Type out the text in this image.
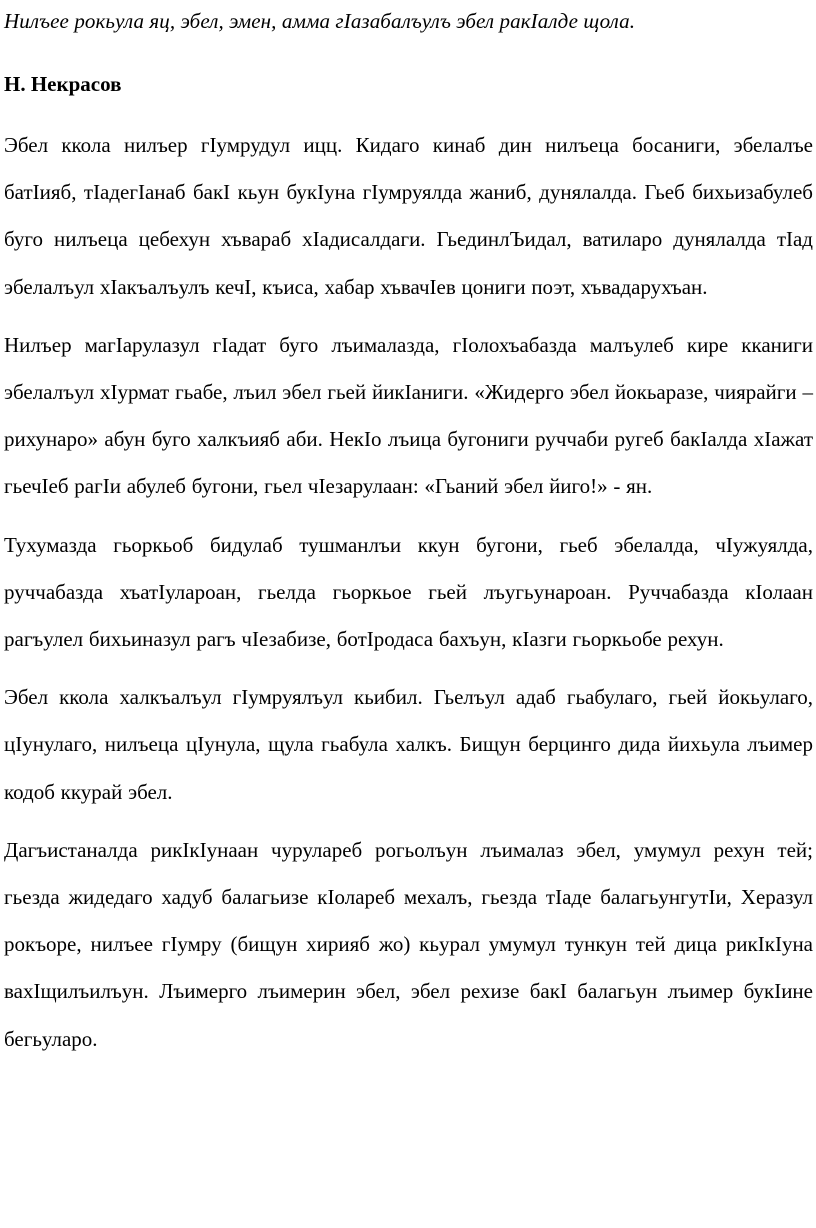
Нилъее рокьула яц, эбел, эмен, амма гІазабалъулъ эбел ракІалде щола.

Н. Некрасов

Эбел ккола нилъер гІумрудул ицц. Кидаго кинаб дин нилъеца босаниги, эбелалъе батІияб, тІадегІанаб бакІ кьун букІуна гІумруялда жаниб, дунялалда. Гьеб бихьизабулеб буго нилъеца цебехун хъвараб хІадисалдаги. ГьединлЪидал, ватиларо дунялалда тІад эбелалъул хІакъалъулъ кечІ, къиса, хабар хъвачІев цониги поэт, хъвадарухъан.

Нилъер магІарулазул гІадат буго лъималазда, гІолохъабазда малъулеб кире кканиги эбелалъул хІурмат гьабе, лъил эбел гьей йикІаниги. «Жидерго эбел йокьаразе, чиярайги – рихунаро» абун буго халкъияб аби. НекІо лъица бугониги руччаби ругеб бакІалда хІажат гьечІеб рагІи абулеб бугони, гьел чІезарулаан: «Гьаний эбел йиго!» - ян.

Тухумазда гьоркьоб бидулаб тушманлъи ккун бугони, гьеб эбелалда, чІужуялда, руччабазда хъатІулароан, гьелда гьоркьое гьей лъугьунароан. Руччабазда кІолаан рагъулел бихьиназул рагъ чІезабизе, ботІродаса бахъун, кІазги гьоркьобе рехун.

Эбел ккола халкъалъул гІумруялъул кьибил. Гьелъул адаб гьабулаго, гьей йокьулаго, цІунулаго, нилъеца цІунула, щула гьабула халкъ. Бищун берцинго дида йихьула лъимер кодоб ккурай эбел.

Дагъистаналда рикІкІунаан чурулареб рогьолъун лъималаз эбел, умумул рехун тей; гьезда жидедаго хадуб балагьизе кІолареб мехалъ, гьезда тІаде балагьунгутІи, Херазул рокъоре, нилъее гІумру (бищун хирияб жо) кьурал умумул тункун тей дица рикІкІуна вахІщилъилъун. Лъимерго лъимерин эбел, эбел рехизе бакІ балагьун лъимер букІине бегьуларо.
